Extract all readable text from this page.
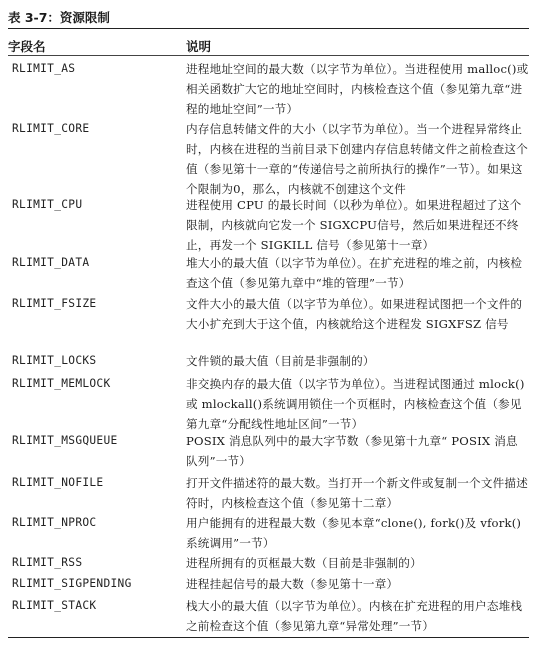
表 3-7：资源限制
字段名	说明
RLIMIT_AS	进程地址空间的最大数（以字节为单位）。当进程使用 malloc()或相关函数扩大它的地址空间时，内核检查这个值（参见第九章“进程的地址空间”一节）
RLIMIT_CORE	内存信息转储文件的大小（以字节为单位）。当一个进程异常终止时，内核在进程的当前目录下创建内存信息转储文件之前检查这个值（参见第十一章的“传递信号之前所执行的操作”一节）。如果这个限制为0，那么，内核就不创建这个文件
RLIMIT_CPU	进程使用 CPU 的最长时间（以秒为单位）。如果进程超过了这个限制，内核就向它发一个 SIGXCPU信号，然后如果进程还不终止，再发一个 SIGKILL 信号（参见第十一章）
RLIMIT_DATA	堆大小的最大值（以字节为单位）。在扩充进程的堆之前，内核检查这个值（参见第九章中“堆的管理”一节）
RLIMIT_FSIZE	文件大小的最大值（以字节为单位）。如果进程试图把一个文件的大小扩充到大于这个值，内核就给这个进程发 SIGXFSZ 信号
RLIMIT_LOCKS	文件锁的最大值（目前是非强制的）
RLIMIT_MEMLOCK	非交换内存的最大值（以字节为单位）。当进程试图通过 mlock()或 mlockall()系统调用锁住一个页框时，内核检查这个值（参见第九章“分配线性地址区间”一节）
RLIMIT_MSGQUEUE	POSIX 消息队列中的最大字节数（参见第十九章“ POSIX 消息队列”一节）
RLIMIT_NOFILE	打开文件描述符的最大数。当打开一个新文件或复制一个文件描述符时，内核检查这个值（参见第十二章）
RLIMIT_NPROC	用户能拥有的进程最大数（参见本章“clone(), fork()及 vfork() 系统调用”一节）
RLIMIT_RSS	进程所拥有的页框最大数（目前是非强制的）
RLIMIT_SIGPENDING	进程挂起信号的最大数（参见第十一章）
RLIMIT_STACK	栈大小的最大值（以字节为单位）。内核在扩充进程的用户态堆栈之前检查这个值（参见第九章“异常处理”一节）
